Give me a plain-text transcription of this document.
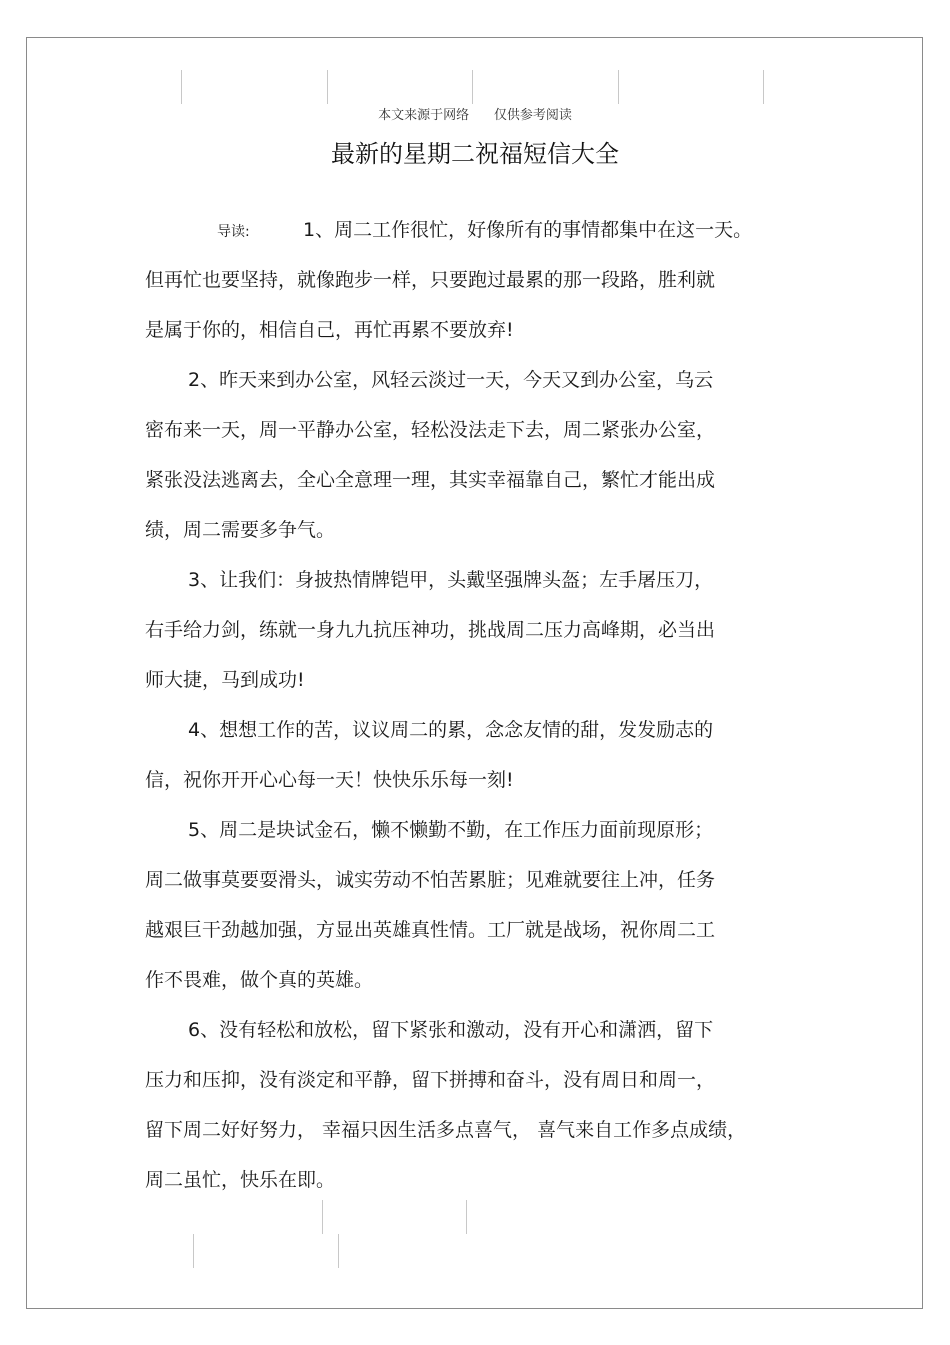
本文来源于网络      仅供参考阅读
最新的星期二祝福短信大全
导读:	1、周二工作很忙，好像所有的事情都集中在这一天。
但再忙也要坚持，就像跑步一样，只要跑过最累的那一段路，胜利就
是属于你的，相信自己，再忙再累不要放弃!
2、昨天来到办公室，风轻云淡过一天，今天又到办公室，乌云
密布来一天，周一平静办公室，轻松没法走下去，周二紧张办公室，
紧张没法逃离去，全心全意理一理，其实幸福靠自己，繁忙才能出成
绩，周二需要多争气。
3、让我们：身披热情牌铠甲，头戴坚强牌头盔；左手屠压刀，
右手给力剑，练就一身九九抗压神功，挑战周二压力高峰期，必当出
师大捷，马到成功!
4、想想工作的苦，议议周二的累，念念友情的甜，发发励志的
信，祝你开开心心每一天！快快乐乐每一刻!
5、周二是块试金石，懒不懒勤不勤，在工作压力面前现原形；
周二做事莫要耍滑头，诚实劳动不怕苦累脏；见难就要往上冲，任务
越艰巨干劲越加强，方显出英雄真性情。工厂就是战场，祝你周二工
作不畏难，做个真的英雄。
6、没有轻松和放松，留下紧张和激动，没有开心和潇洒，留下
压力和压抑，没有淡定和平静，留下拼搏和奋斗，没有周日和周一，
留下周二好好努力， 幸福只因生活多点喜气， 喜气来自工作多点成绩，
周二虽忙，快乐在即。
